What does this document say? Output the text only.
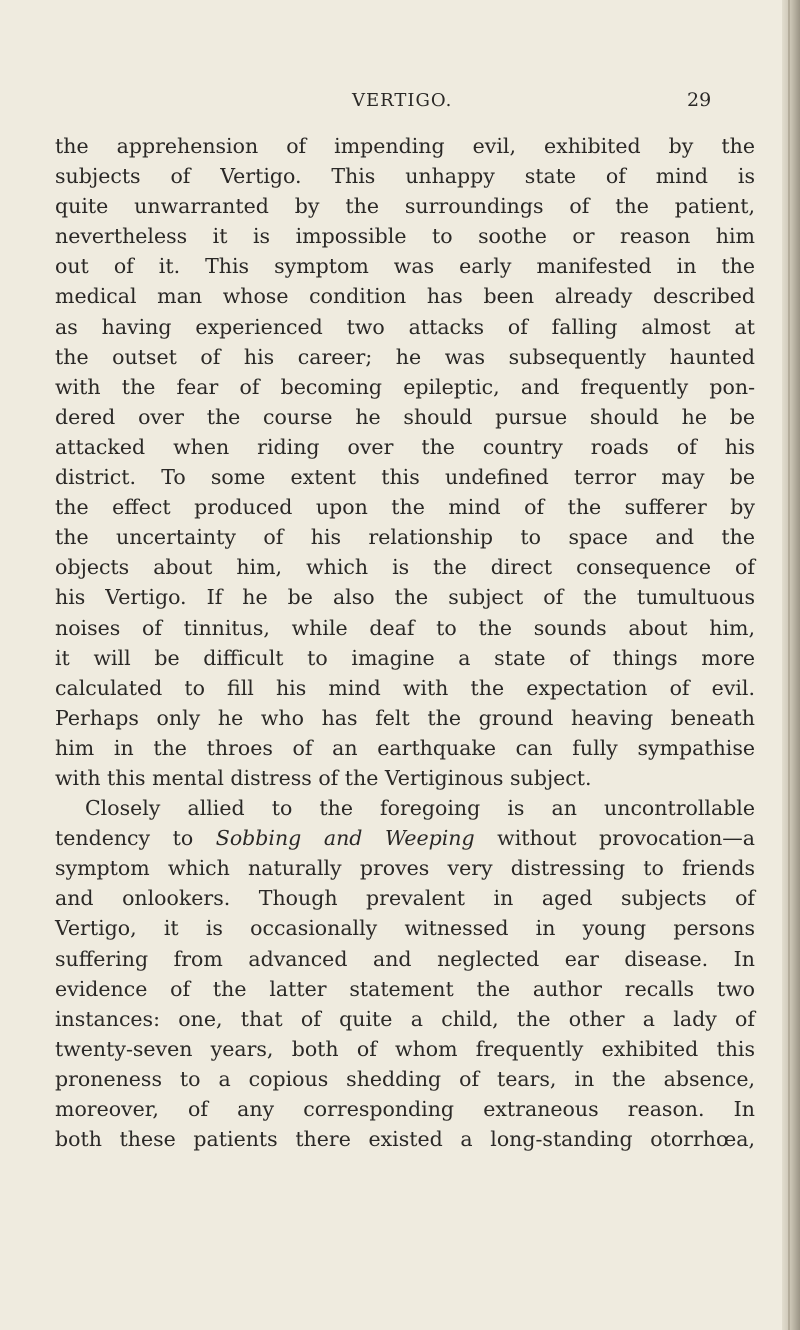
VERTIGO.	29
the apprehension of impending evil, exhibited by the
subjects of Vertigo. This unhappy state of mind is
quite unwarranted by the surroundings of the patient,
nevertheless it is impossible to soothe or reason him
out of it. This symptom was early manifested in the
medical man whose condition has been already described
as having experienced two attacks of falling almost at
the outset of his career; he was subsequently haunted
with the fear of becoming epileptic, and frequently pon-
dered over the course he should pursue should he be
attacked when riding over the country roads of his
district. To some extent this undefined terror may be
the effect produced upon the mind of the sufferer by
the uncertainty of his relationship to space and the
objects about him, which is the direct consequence of
his Vertigo. If he be also the subject of the tumultuous
noises of tinnitus, while deaf to the sounds about him,
it will be difficult to imagine a state of things more
calculated to fill his mind with the expectation of evil.
Perhaps only he who has felt the ground heaving beneath
him in the throes of an earthquake can fully sympathise
with this mental distress of the Vertiginous subject.
Closely allied to the foregoing is an uncontrollable
tendency to Sobbing and Weeping without provocation—a
symptom which naturally proves very distressing to friends
and onlookers. Though prevalent in aged subjects of
Vertigo, it is occasionally witnessed in young persons
suffering from advanced and neglected ear disease. In
evidence of the latter statement the author recalls two
instances: one, that of quite a child, the other a lady of
twenty-seven years, both of whom frequently exhibited this
proneness to a copious shedding of tears, in the absence,
moreover, of any corresponding extraneous reason. In
both these patients there existed a long-standing otorrhœa,
